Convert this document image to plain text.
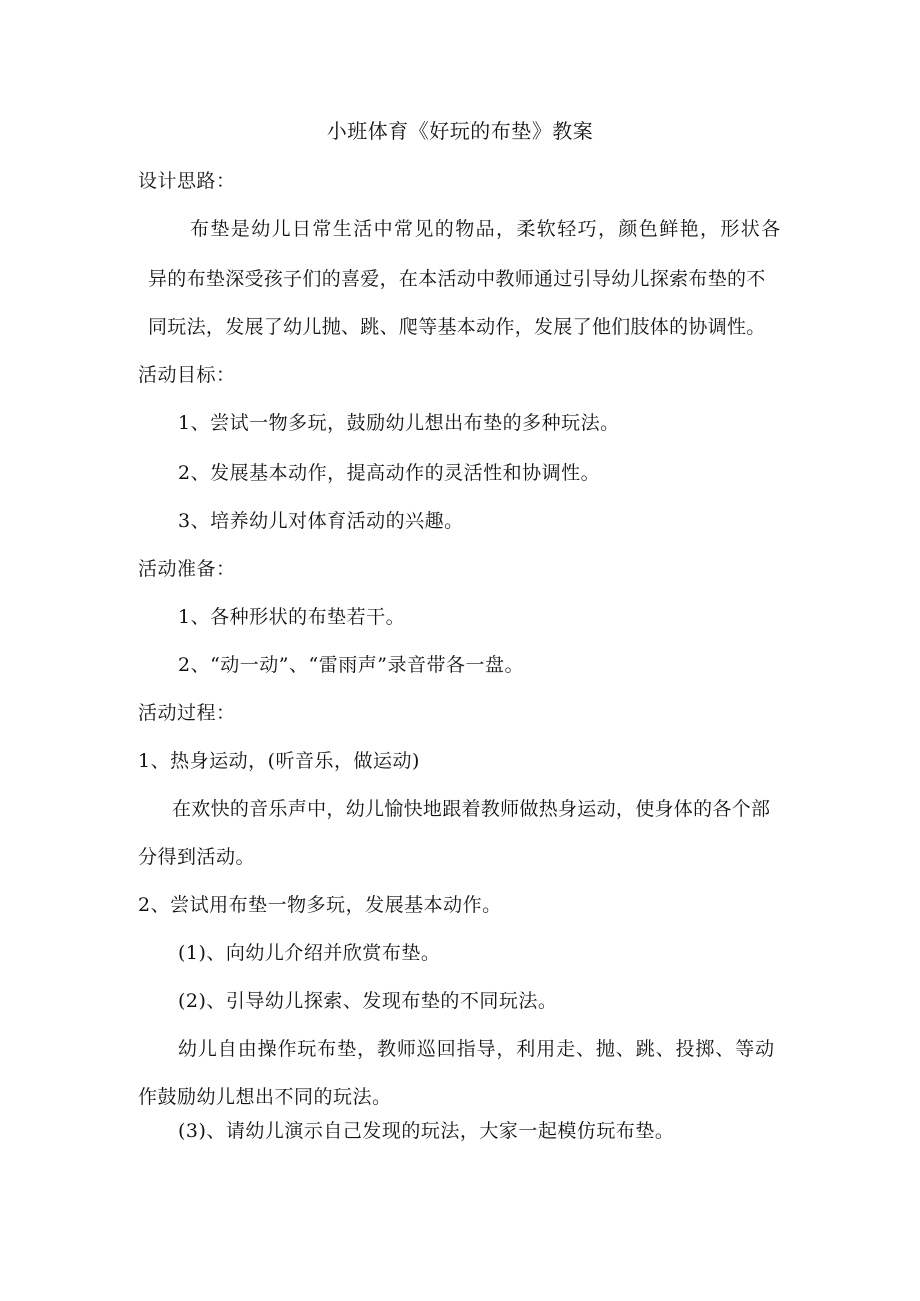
小班体育《好玩的布垫》教案
设计思路：
布垫是幼儿日常生活中常见的物品，柔软轻巧，颜色鲜艳，形状各
异的布垫深受孩子们的喜爱，在本活动中教师通过引导幼儿探索布垫的不
同玩法，发展了幼儿抛、跳、爬等基本动作，发展了他们肢体的协调性。
活动目标：
1、尝试一物多玩，鼓励幼儿想出布垫的多种玩法。
2、发展基本动作，提高动作的灵活性和协调性。
3、培养幼儿对体育活动的兴趣。
活动准备：
1、各种形状的布垫若干。
2、“动一动”、“雷雨声”录音带各一盘。
活动过程：
1、热身运动，(听音乐，做运动)
在欢快的音乐声中，幼儿愉快地跟着教师做热身运动，使身体的各个部
分得到活动。
2、尝试用布垫一物多玩，发展基本动作。
(1)、向幼儿介绍并欣赏布垫。
(2)、引导幼儿探索、发现布垫的不同玩法。
幼儿自由操作玩布垫，教师巡回指导，利用走、抛、跳、投掷、等动
作鼓励幼儿想出不同的玩法。
(3)、请幼儿演示自己发现的玩法，大家一起模仿玩布垫。
